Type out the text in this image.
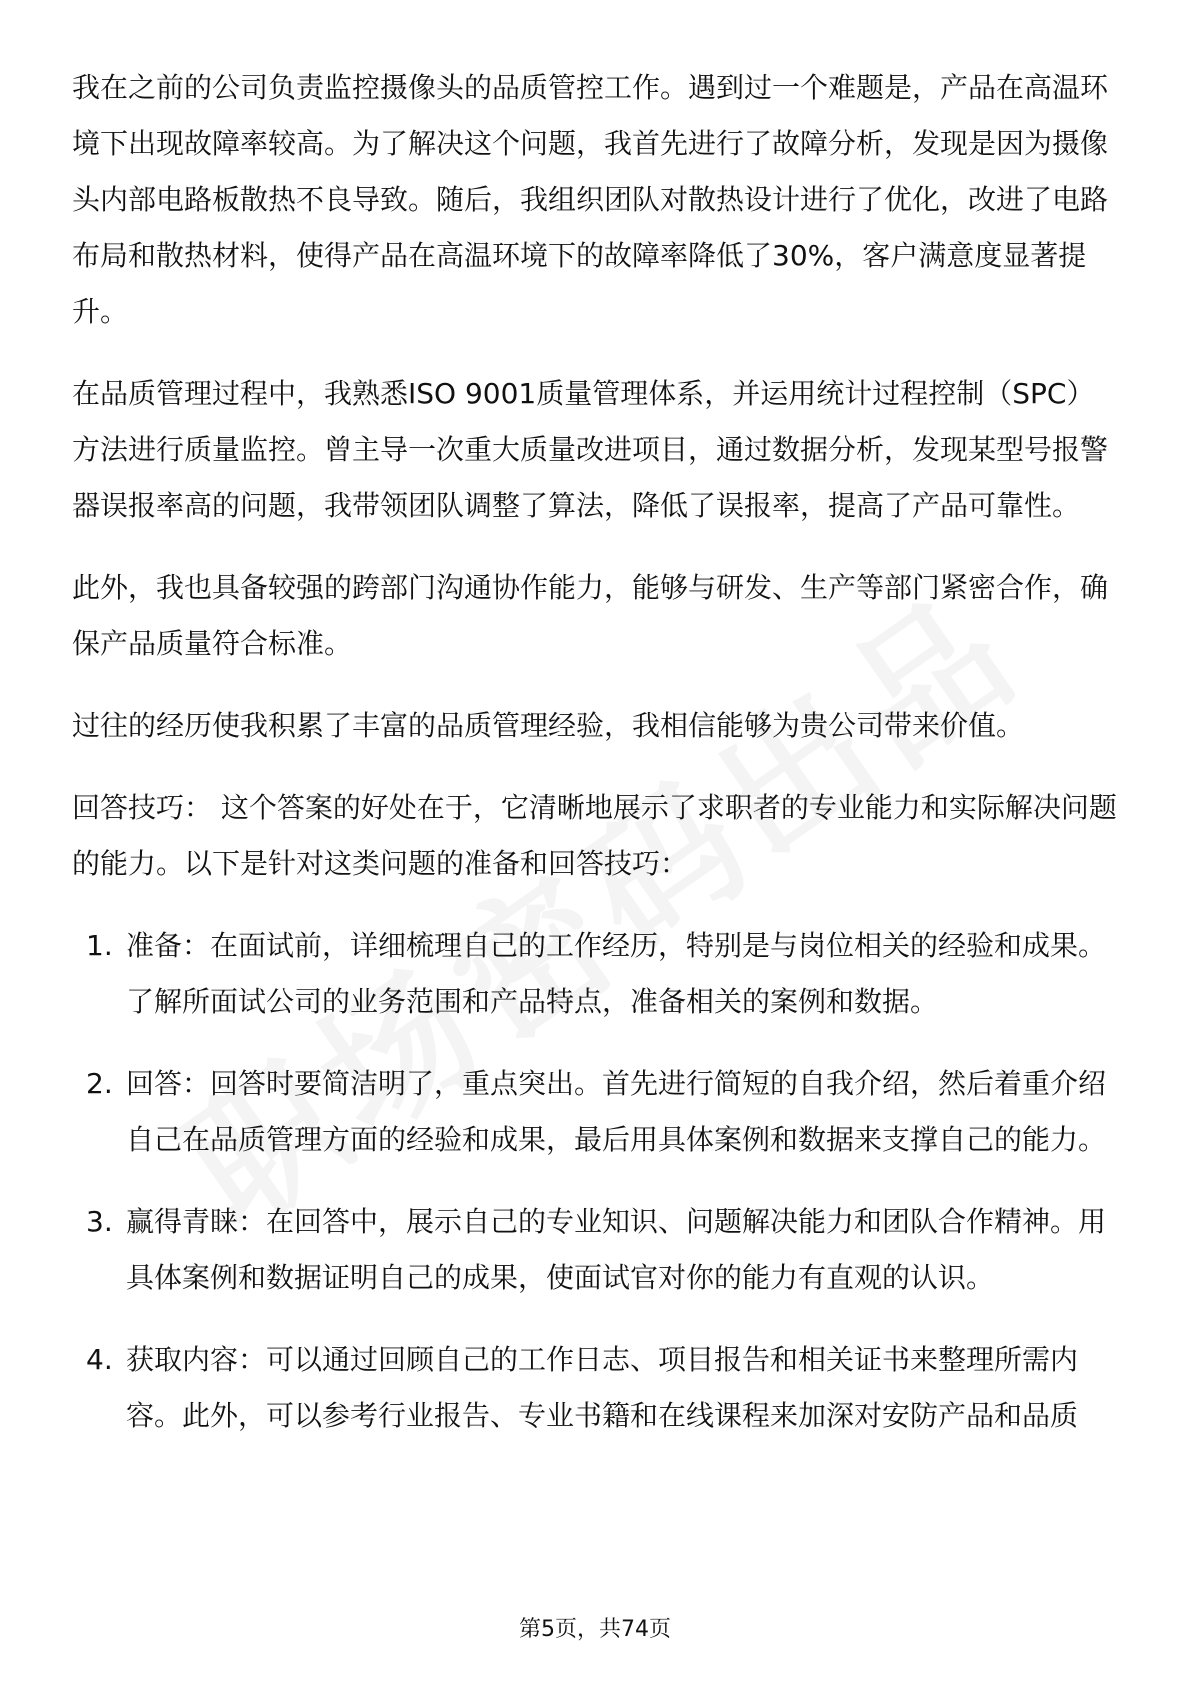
我在之前的公司负责监控摄像头的品质管控工作。遇到过一个难题是，产品在高温环境下出现故障率较高。为了解决这个问题，我首先进行了故障分析，发现是因为摄像头内部电路板散热不良导致。随后，我组织团队对散热设计进行了优化，改进了电路布局和散热材料，使得产品在高温环境下的故障率降低了30%，客户满意度显著提升。

在品质管理过程中，我熟悉ISO 9001质量管理体系，并运用统计过程控制（SPC）方法进行质量监控。曾主导一次重大质量改进项目，通过数据分析，发现某型号报警器误报率高的问题，我带领团队调整了算法，降低了误报率，提高了产品可靠性。

此外，我也具备较强的跨部门沟通协作能力，能够与研发、生产等部门紧密合作，确保产品质量符合标准。

过往的经历使我积累了丰富的品质管理经验，我相信能够为贵公司带来价值。

回答技巧： 这个答案的好处在于，它清晰地展示了求职者的专业能力和实际解决问题的能力。以下是针对这类问题的准备和回答技巧：

1. 准备：在面试前，详细梳理自己的工作经历，特别是与岗位相关的经验和成果。了解所面试公司的业务范围和产品特点，准备相关的案例和数据。
2. 回答：回答时要简洁明了，重点突出。首先进行简短的自我介绍，然后着重介绍自己在品质管理方面的经验和成果，最后用具体案例和数据来支撑自己的能力。
3. 赢得青睐：在回答中，展示自己的专业知识、问题解决能力和团队合作精神。用具体案例和数据证明自己的成果，使面试官对你的能力有直观的认识。
4. 获取内容：可以通过回顾自己的工作日志、项目报告和相关证书来整理所需内容。此外，可以参考行业报告、专业书籍和在线课程来加深对安防产品和品质
第5页，共74页
